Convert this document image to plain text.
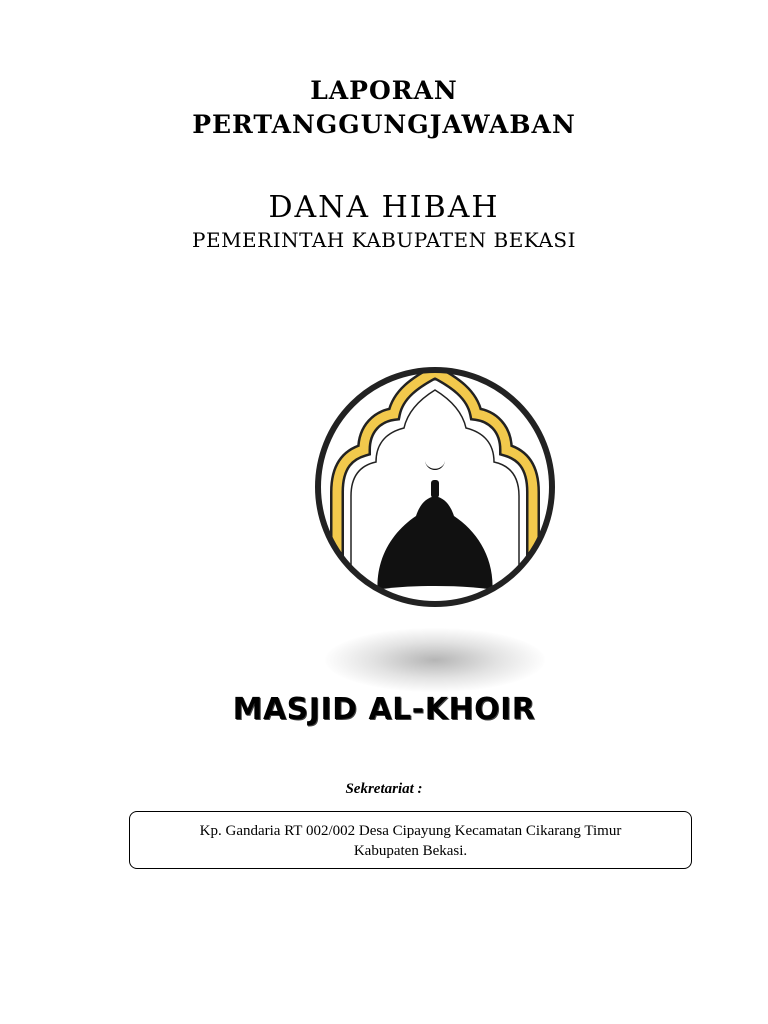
LAPORAN
PERTANGGUNGJAWABAN
DANA HIBAH
PEMERINTAH KABUPATEN BEKASI
MASJID AL-KHOIR
Sekretariat :
Kp. Gandaria RT 002/002 Desa Cipayung Kecamatan Cikarang Timur
Kabupaten Bekasi.
